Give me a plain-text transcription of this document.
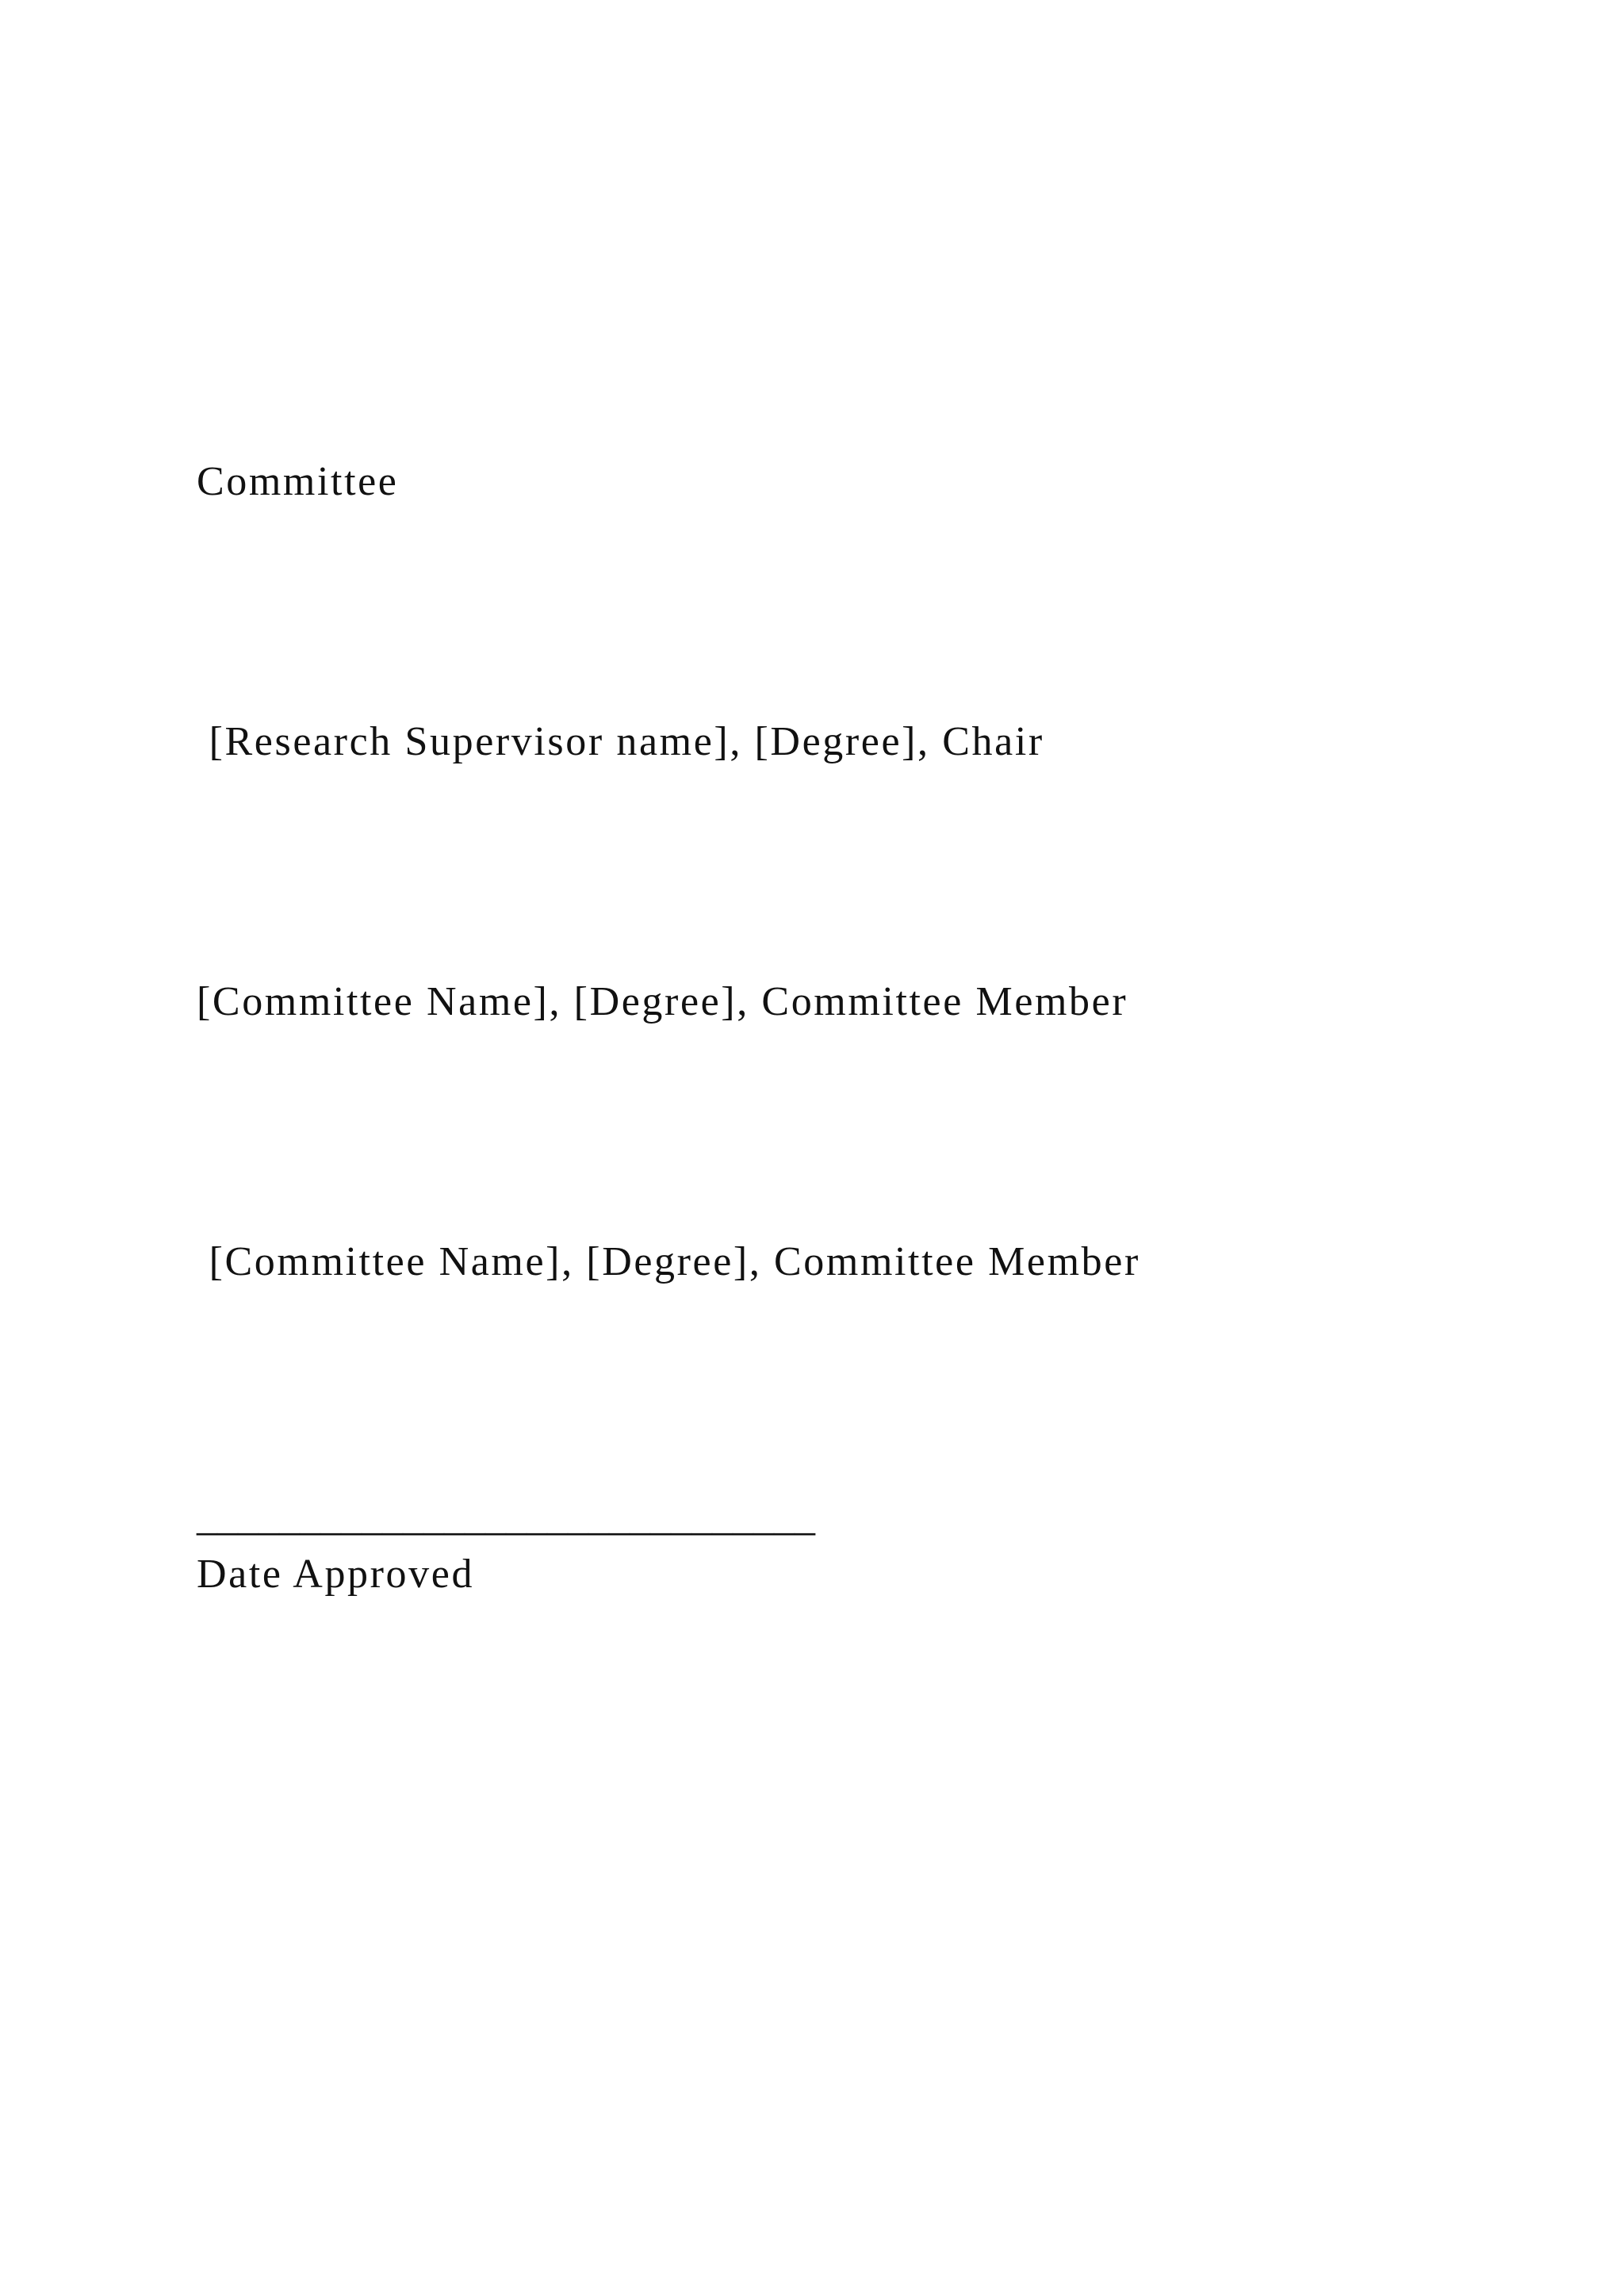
Committee
[Research Supervisor name], [Degree], Chair
[Committee Name], [Degree], Committee Member
[Committee Name], [Degree], Committee Member
______________________________
Date Approved
